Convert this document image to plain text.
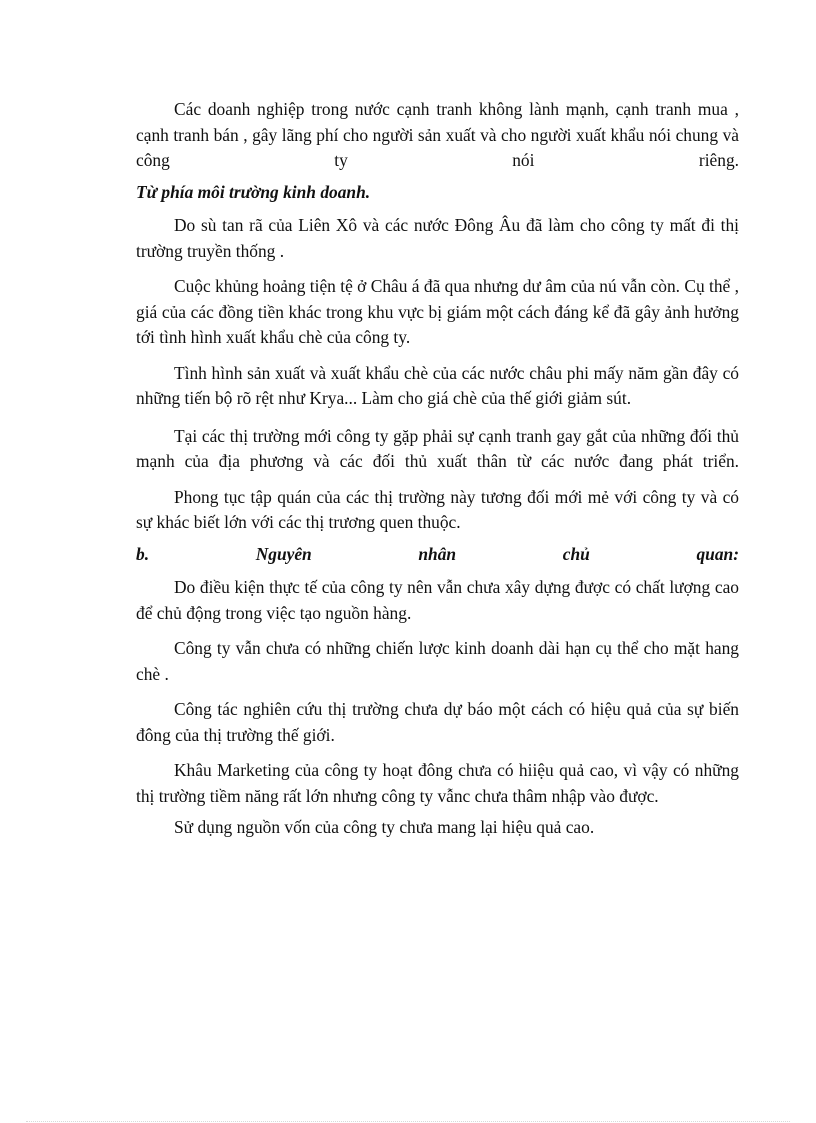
Các doanh nghiệp trong nước cạnh tranh không lành mạnh, cạnh tranh mua , cạnh tranh bán , gây lãng phí cho người sản xuất và cho người xuất khẩu nói chung và công ty nói riêng.

Từ phía môi trường kinh doanh.

Do sù tan rã của Liên Xô và các nước Đông Âu đã làm cho công ty mất đi thị trường truyền thống .

Cuộc khủng hoảng tiện tệ ở Châu á đã qua nhưng dư âm của nú vẫn còn. Cụ thể , giá của các đồng tiền khác trong khu vực bị giám một cách đáng kể đã gây ảnh hưởng tới tình hình xuất khẩu chè của công ty.

Tình hình sản xuất và xuất khẩu chè của các nước châu phi mấy năm gần đây có những tiến bộ rõ rệt như Krya... Làm cho giá chè của thế giới giảm sút.

Tại các thị trường mới công ty gặp phải sự cạnh tranh gay gắt của những đối thủ mạnh của địa phương và các đối thủ xuất thân từ các nước đang phát triển.

Phong tục tập quán của các thị trường này tương đối mới mẻ với công ty và có sự khác biết lớn với các thị trương quen thuộc.

b. Nguyên nhân chủ quan:

Do điều kiện thực tế của công ty nên vẫn chưa xây dựng được có chất lượng cao để chủ động trong việc tạo nguồn hàng.

Công ty vẫn chưa có những chiến lược kinh doanh dài hạn cụ thể cho mặt hang chè .

Công tác nghiên cứu thị trường chưa dự báo một cách có hiệu quả của sự biến đông của thị trường thế giới.

Khâu Marketing của công ty hoạt đông chưa có hiiệu quả cao, vì vậy có những thị trường tiềm năng rất lớn nhưng công ty vẫnc chưa thâm nhập vào được.

Sử dụng nguồn vốn của công ty chưa mang lại hiệu quả cao.
